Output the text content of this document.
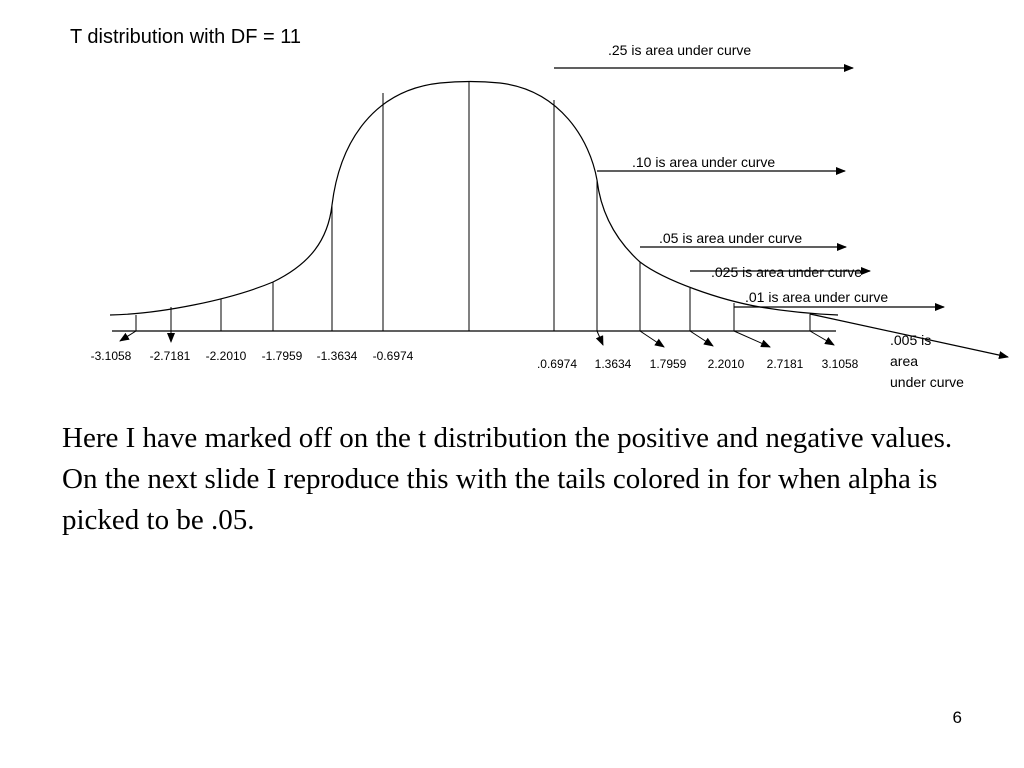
T distribution with DF = 11
.25 is area under curve
.10 is area under curve
.05 is area under curve
.025 is area under curve
.01 is area under curve
.005 is area under curve
-3.1058 -2.7181 -2.2010 -1.7959 -1.3634 -0.6974
.0.6974 1.3634 1.7959 2.2010 2.7181 3.1058
Here I have marked off on the t distribution the positive and negative values. On the next slide I reproduce this with the tails colored in for when alpha is picked to be .05.
6
